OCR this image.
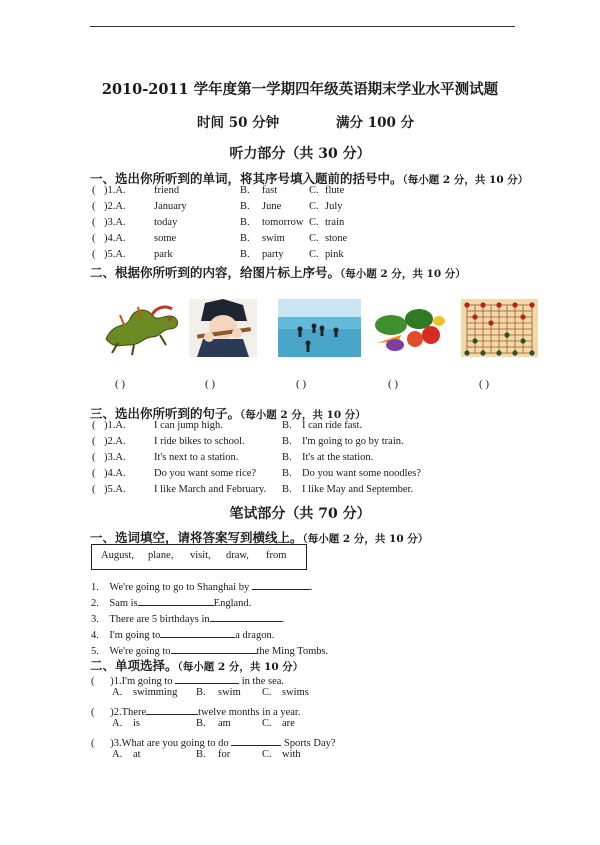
2010-2011 学年度第一学期四年级英语期末学业水平测试题
时间 50 分钟	满分 100 分
听力部分（共 30 分）
一、选出你所听到的单词，将其序号填入题前的括号中。（每小题 2 分，共 10 分）
( )1.A.	friend	B. fast	C. flute
( )2.A.	January	B. June	C. July
( )3.A.	today	B. tomorrow C. train
( )4.A.	some	B. swim C. stone
( )5.A.	park	B. party C. pink
二、根据你所听到的内容，给图片标上序号。（每小题 2 分，共 10 分）
( )	( )	( )	( )	( )
三、选出你所听到的句子。（每小题 2 分，共 10 分）
( )1.A.	I can jump high.	B. I can ride fast.
( )2.A.	I ride bikes to school.	B. I'm going to go by train.
( )3.A.	It's next to a station.	B. It's at the station.
( )4.A.	Do you want some rice? B. Do you want some noodles?
( )5.A.	I like March and February. B. I like May and September.
笔试部分（共 70 分）
一、选词填空，请将答案写到横线上。（每小题 2 分，共 10 分）
August, plane, visit, draw, from
1. We're going to go to Shanghai by	.
2. Sam is	England.
3. There are 5 birthdays in	.
4. I'm going to	a dragon.
5. We're going to	the Ming Tombs.
二、单项选择。（每小题 2 分，共 10 分）
( )1.I'm going to	in the sea.
A. swimming B. swim C. swims
( )2.There	twelve months in a year.
A. is	B. am	C. are
( )3.What are you going to do	Sports Day?
A. at	B. for	C. with
